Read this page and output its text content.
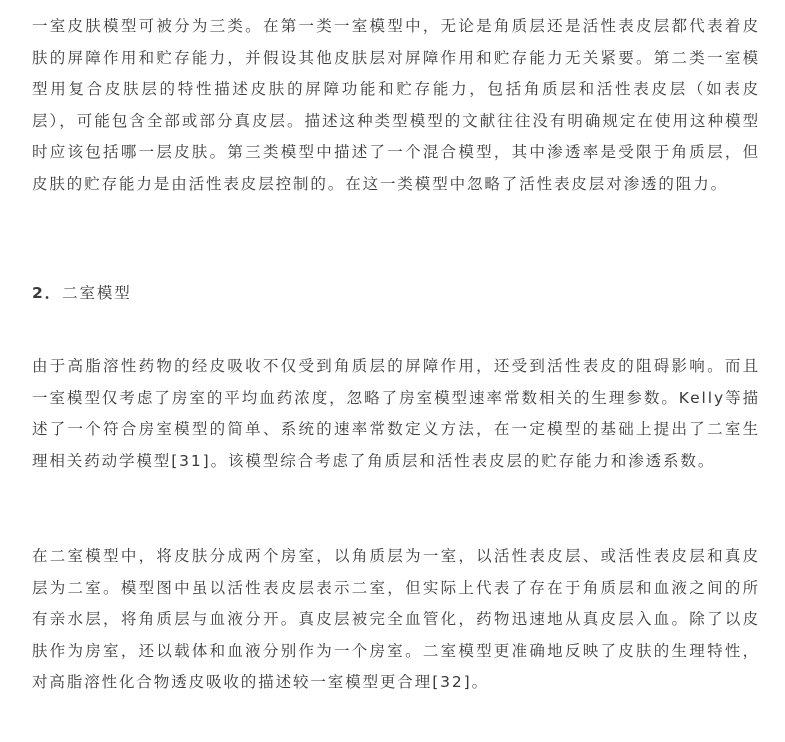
一室皮肤模型可被分为三类。在第一类一室模型中，无论是角质层还是活性表皮层都代表着皮肤的屏障作用和贮存能力，并假设其他皮肤层对屏障作用和贮存能力无关紧要。第二类一室模型用复合皮肤层的特性描述皮肤的屏障功能和贮存能力，包括角质层和活性表皮层（如表皮层），可能包含全部或部分真皮层。描述这种类型模型的文献往往没有明确规定在使用这种模型时应该包括哪一层皮肤。第三类模型中描述了一个混合模型，其中渗透率是受限于角质层，但皮肤的贮存能力是由活性表皮层控制的。在这一类模型中忽略了活性表皮层对渗透的阻力。

2．二室模型

由于高脂溶性药物的经皮吸收不仅受到角质层的屏障作用，还受到活性表皮的阻碍影响。而且一室模型仅考虑了房室的平均血药浓度，忽略了房室模型速率常数相关的生理参数。Kelly等描述了一个符合房室模型的简单、系统的速率常数定义方法，在一定模型的基础上提出了二室生理相关药动学模型[31]。该模型综合考虑了角质层和活性表皮层的贮存能力和渗透系数。

在二室模型中，将皮肤分成两个房室，以角质层为一室，以活性表皮层、或活性表皮层和真皮层为二室。模型图中虽以活性表皮层表示二室，但实际上代表了存在于角质层和血液之间的所有亲水层，将角质层与血液分开。真皮层被完全血管化，药物迅速地从真皮层入血。除了以皮肤作为房室，还以载体和血液分别作为一个房室。二室模型更准确地反映了皮肤的生理特性，对高脂溶性化合物透皮吸收的描述较一室模型更合理[32]。
